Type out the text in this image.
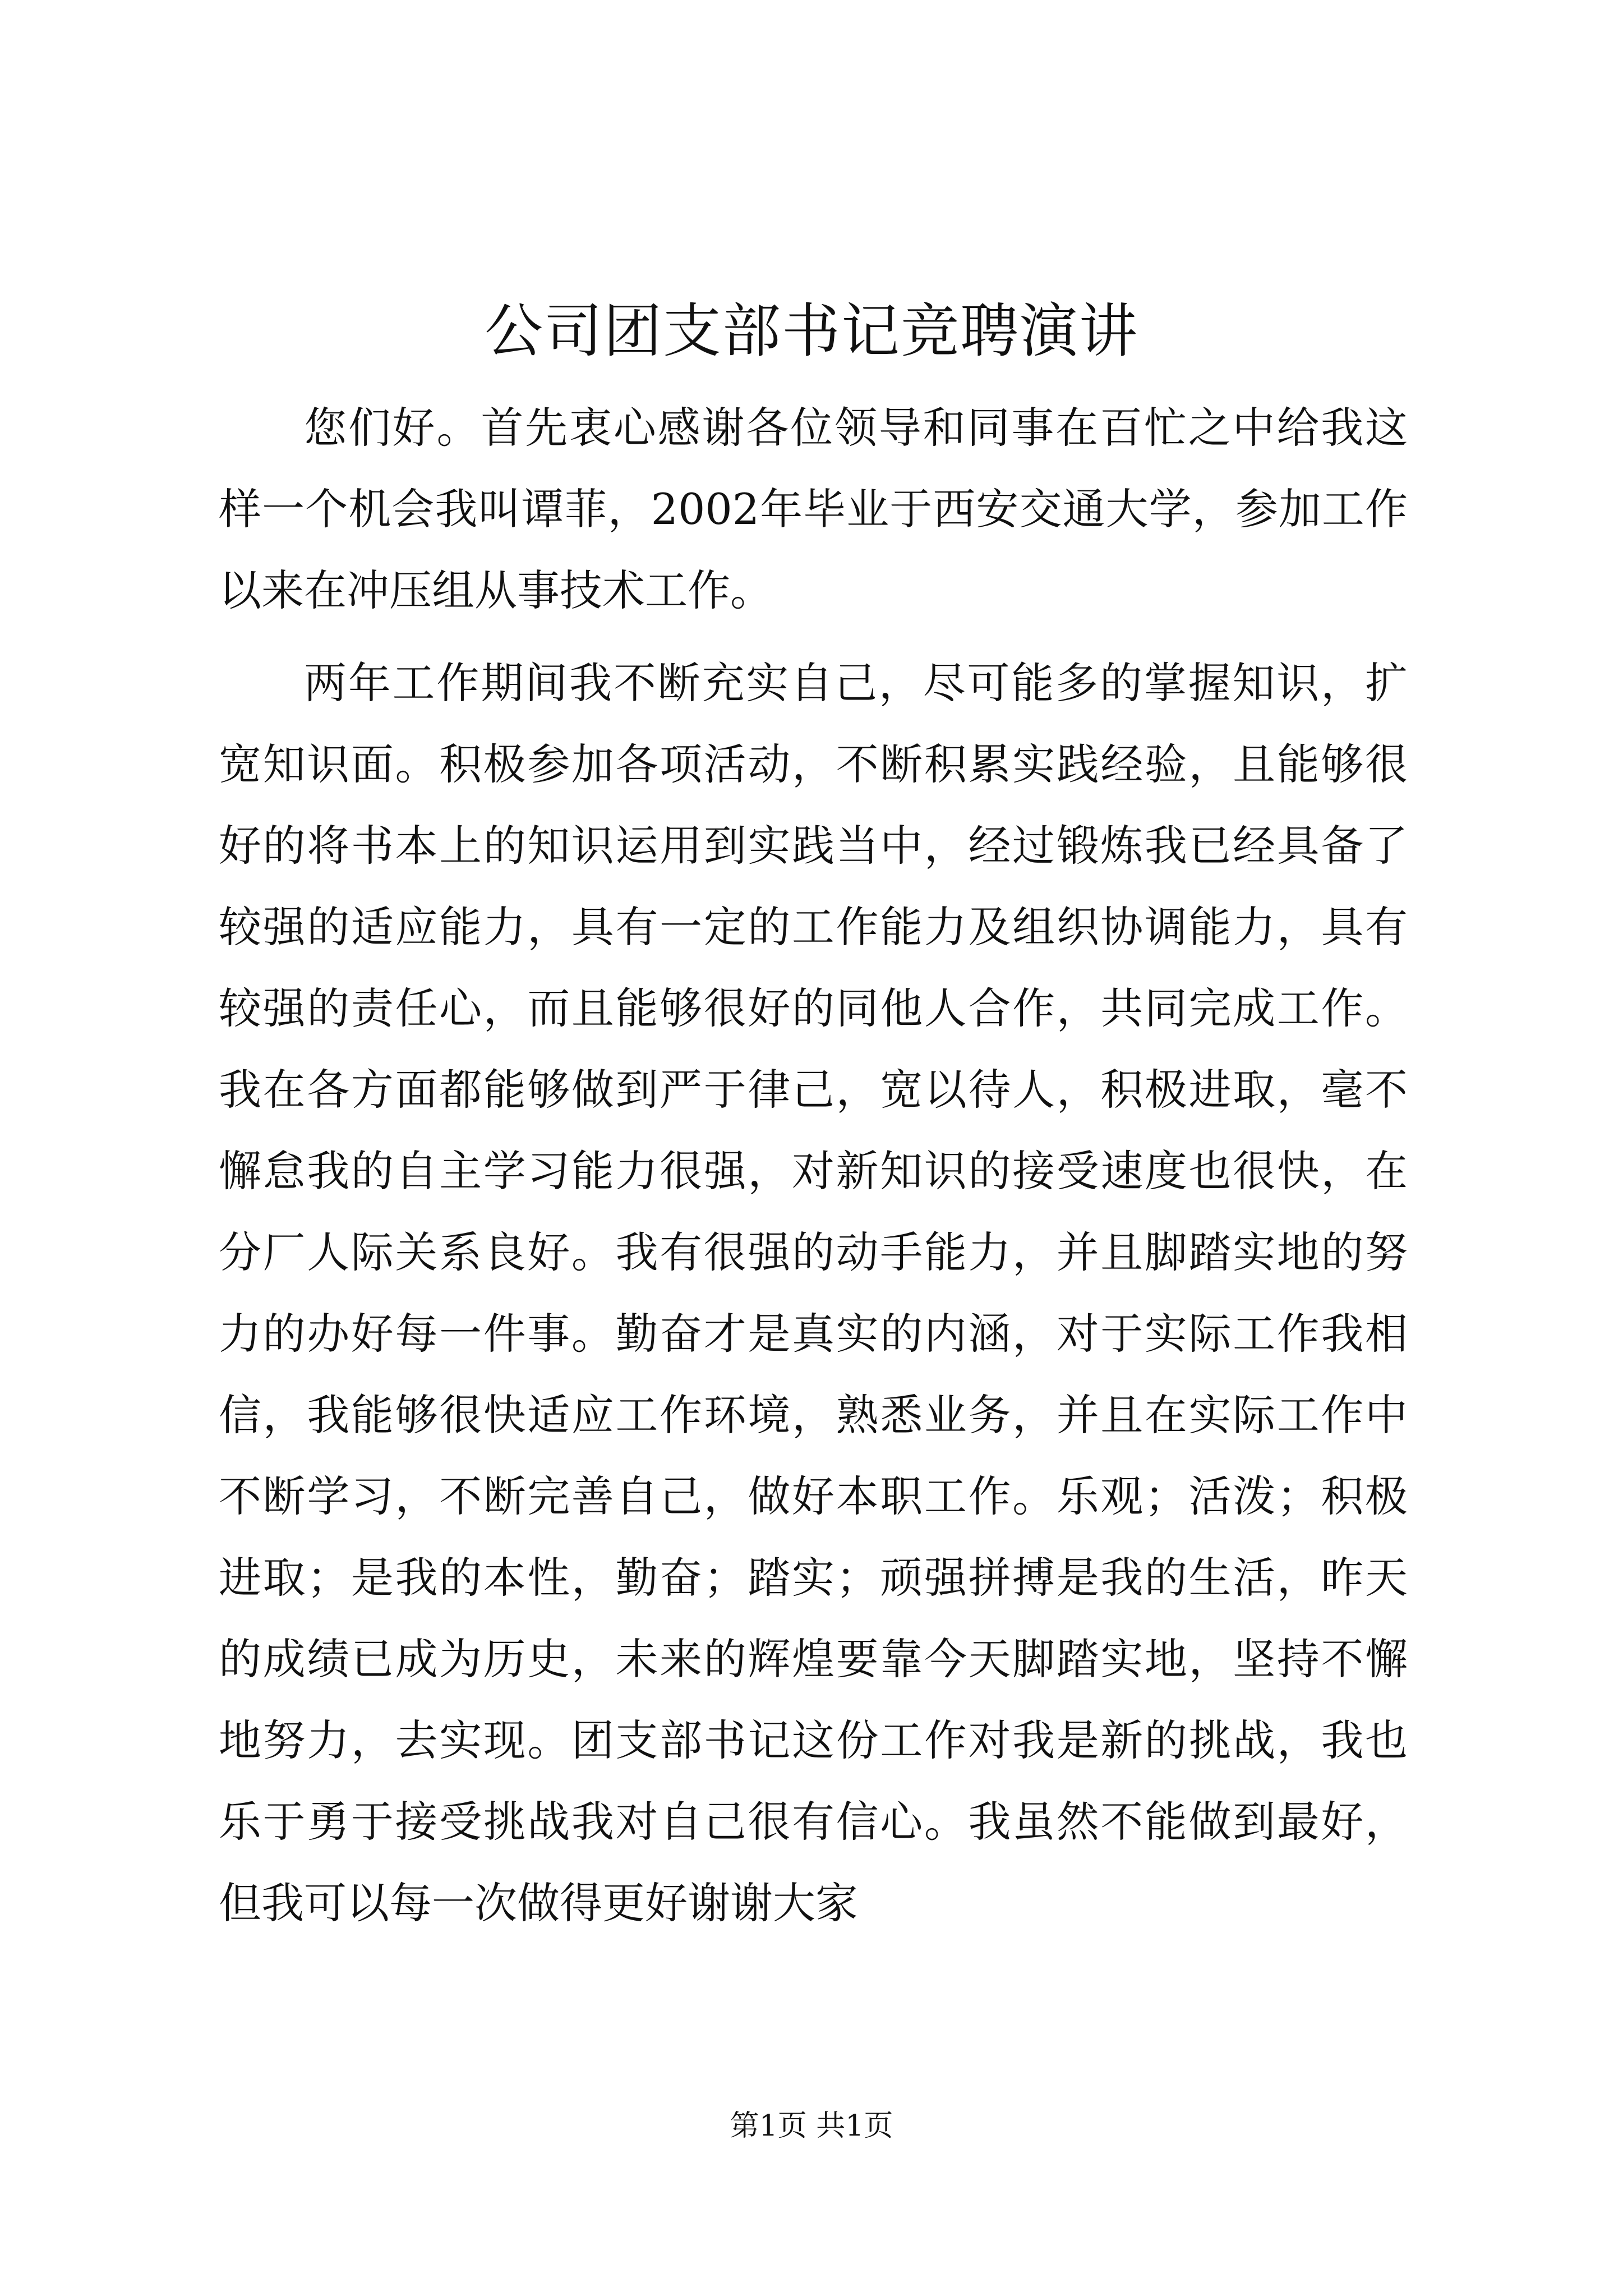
公司团支部书记竞聘演讲

您们好。首先衷心感谢各位领导和同事在百忙之中给我这样一个机会我叫谭菲，2002年毕业于西安交通大学，参加工作以来在冲压组从事技术工作。

两年工作期间我不断充实自己，尽可能多的掌握知识，扩宽知识面。积极参加各项活动，不断积累实践经验，且能够很好的将书本上的知识运用到实践当中，经过锻炼我已经具备了较强的适应能力，具有一定的工作能力及组织协调能力，具有较强的责任心，而且能够很好的同他人合作，共同完成工作。我在各方面都能够做到严于律己，宽以待人，积极进取，毫不懈怠我的自主学习能力很强，对新知识的接受速度也很快，在分厂人际关系良好。我有很强的动手能力，并且脚踏实地的努力的办好每一件事。勤奋才是真实的内涵，对于实际工作我相信，我能够很快适应工作环境，熟悉业务，并且在实际工作中不断学习，不断完善自己，做好本职工作。乐观；活泼；积极进取；是我的本性，勤奋；踏实；顽强拼搏是我的生活，昨天的成绩已成为历史，未来的辉煌要靠今天脚踏实地，坚持不懈地努力，去实现。团支部书记这份工作对我是新的挑战，我也乐于勇于接受挑战我对自己很有信心。我虽然不能做到最好，但我可以每一次做得更好谢谢大家

第1页 共1页
